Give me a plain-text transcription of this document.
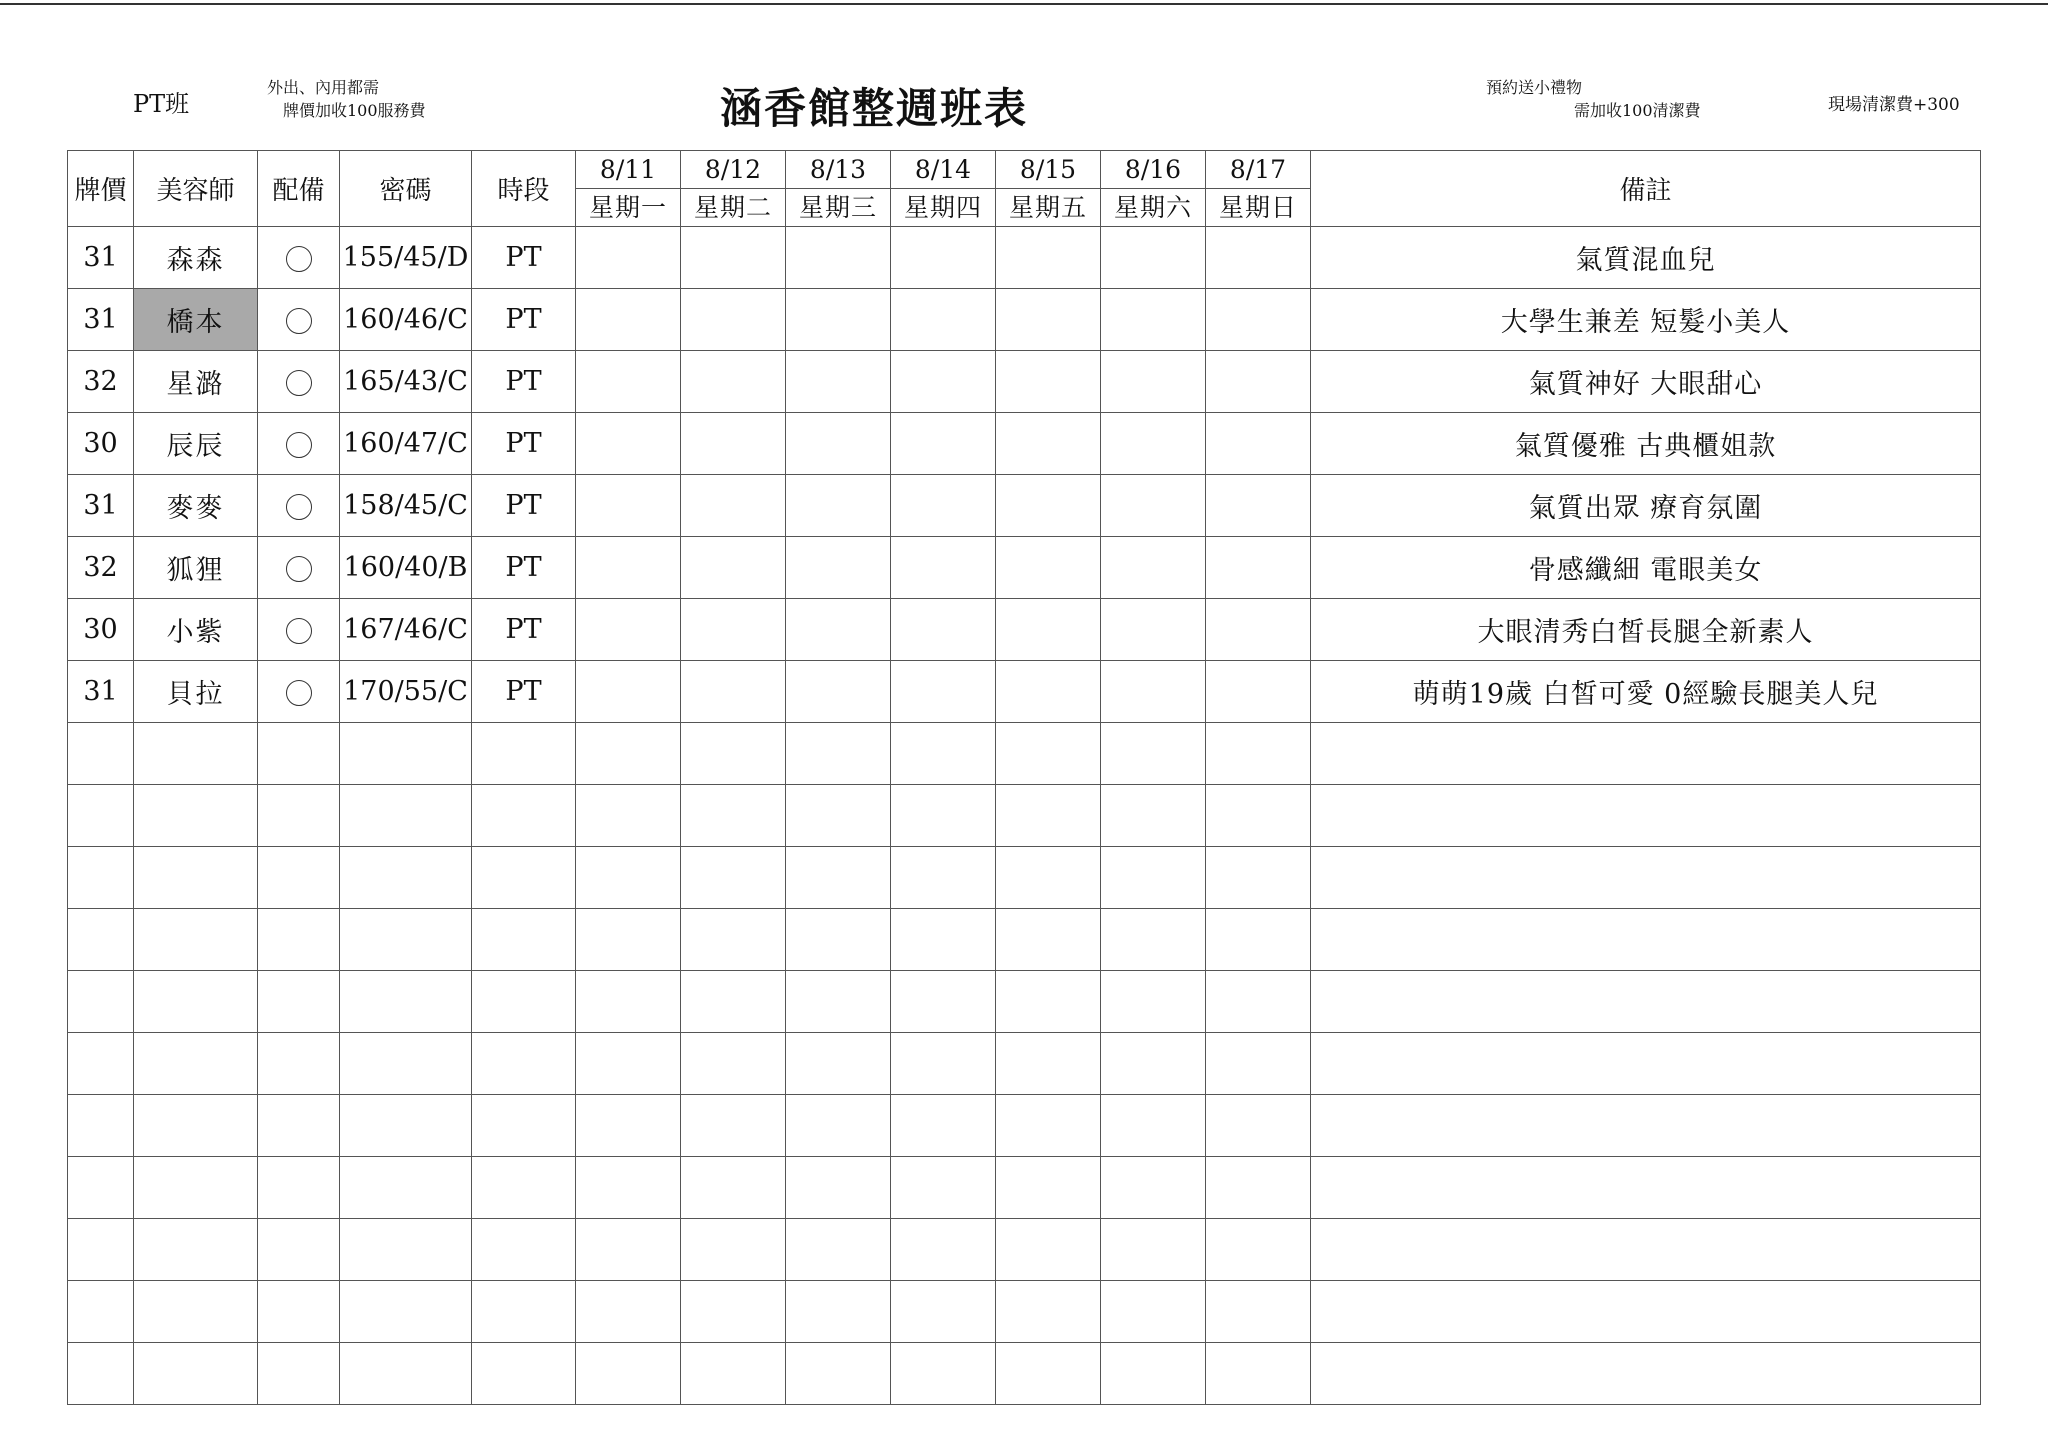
PT班
外出、內用都需
牌價加收100服務費	涵香館整週班表	預約送小禮物
需加收100清潔費	現場清潔費+300
牌價	美容師	配備	密碼	時段	8/11	8/12	8/13	8/14	8/15	8/16	8/17	備註
					星期一	星期二	星期三	星期四	星期五	星期六	星期日	
31	森森		155/45/D	PT								氣質混血兒
31	橋本		160/46/C	PT								大學生兼差 短髮小美人
32	星潞		165/43/C	PT								氣質神好 大眼甜心
30	辰辰		160/47/C	PT								氣質優雅 古典櫃姐款
31	麥麥		158/45/C	PT								氣質出眾 療育氛圍
32	狐狸		160/40/B	PT								骨感纖細 電眼美女
30	小紫		167/46/C	PT								大眼清秀白皙長腿全新素人
31	貝拉		170/55/C	PT								萌萌19歲 白皙可愛 0經驗長腿美人兒
